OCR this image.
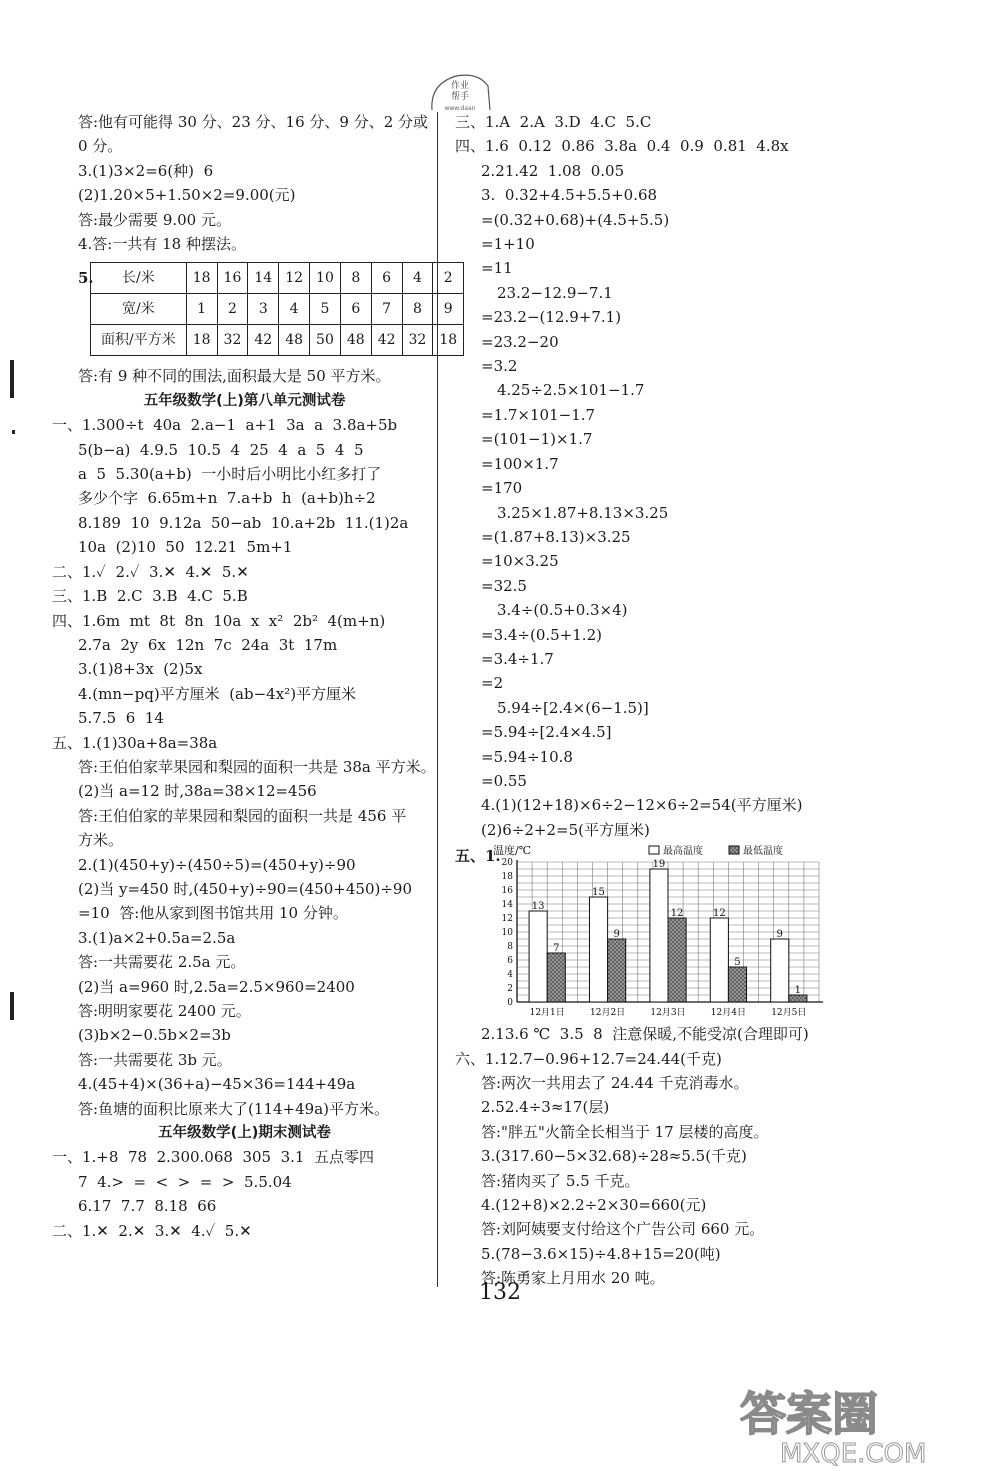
作业
帮手
www.daan
答:他有可能得 30 分、23 分、16 分、9 分、2 分或
0 分。
3.(1)3×2=6(种)  6
(2)1.20×5+1.50×2=9.00(元)
答:最少需要 9.00 元。
4.答:一共有 18 种摆法。
5. 长/米	18	16	14	12	10	8	6	4	2
宽/米	1	2	3	4	5	6	7	8	9
面积/平方米	18	32	42	48	50	48	42	32	18
答:有 9 种不同的围法,面积最大是 50 平方米。
五年级数学(上)第八单元测试卷
一、1.300÷t  40a  2.a−1  a+1  3a  a  3.8a+5b
5(b−a)  4.9.5  10.5  4  25  4  a  5  4  5
a  5  5.30(a+b)  一小时后小明比小红多打了
多少个字  6.65m+n  7.a+b  h  (a+b)h÷2
8.189  10  9.12a  50−ab  10.a+2b  11.(1)2a
10a  (2)10  50  12.21  5m+1
二、1.✓  2.✓  3.✕  4.✕  5.✕
三、1.B  2.C  3.B  4.C  5.B
四、1.6m  mt  8t  8n  10a  x  x²  2b²  4(m+n)
2.7a  2y  6x  12n  7c  24a  3t  17m
3.(1)8+3x  (2)5x
4.(mn−pq)平方厘米  (ab−4x²)平方厘米
5.7.5  6  14
五、1.(1)30a+8a=38a
答:王伯伯家苹果园和梨园的面积一共是 38a 平方米。
(2)当 a=12 时,38a=38×12=456
答:王伯伯家的苹果园和梨园的面积一共是 456 平
方米。
2.(1)(450+y)÷(450÷5)=(450+y)÷90
(2)当 y=450 时,(450+y)÷90=(450+450)÷90
=10  答:他从家到图书馆共用 10 分钟。
3.(1)a×2+0.5a=2.5a
答:一共需要花 2.5a 元。
(2)当 a=960 时,2.5a=2.5×960=2400
答:明明家要花 2400 元。
(3)b×2−0.5b×2=3b
答:一共需要花 3b 元。
4.(45+4)×(36+a)−45×36=144+49a
答:鱼塘的面积比原来大了(114+49a)平方米。
五年级数学(上)期末测试卷
一、1.+8  78  2.300.068  305  3.1  五点零四
7  4.>  =  <  >  =  >  5.5.04
6.17  7.7  8.18  66
二、1.✕  2.✕  3.✕  4.✓  5.✕
三、1.A  2.A  3.D  4.C  5.C
四、1.6  0.12  0.86  3.8a  0.4  0.9  0.81  4.8x
2.21.42  1.08  0.05
3.  0.32+4.5+5.5+0.68
=(0.32+0.68)+(4.5+5.5)
=1+10
=11
23.2−12.9−7.1
=23.2−(12.9+7.1)
=23.2−20
=3.2
4.25÷2.5×101−1.7
=1.7×101−1.7
=(101−1)×1.7
=100×1.7
=170
3.25×1.87+8.13×3.25
=(1.87+8.13)×3.25
=10×3.25
=32.5
3.4÷(0.5+0.3×4)
=3.4÷(0.5+1.2)
=3.4÷1.7
=2
5.94÷[2.4×(6−1.5)]
=5.94÷[2.4×4.5]
=5.94÷10.8
=0.55
4.(1)(12+18)×6÷2−12×6÷2=54(平方厘米)
(2)6÷2+2=5(平方厘米)
五、1.
温度/℃
0
2
4
6
8
10
12
14
16
18
20
13
7
12月1日
15
9
12月2日
19
12
12月3日
12
5
12月4日
9
1
12月5日
最高温度	最低温度
2.13.6 ℃  3.5  8  注意保暖,不能受凉(合理即可)
六、1.12.7−0.96+12.7=24.44(千克)
答:两次一共用去了 24.44 千克消毒水。
2.52.4÷3≈17(层)
答:"胖五"火箭全长相当于 17 层楼的高度。
3.(317.60−5×32.68)÷28≈5.5(千克)
答:猪肉买了 5.5 千克。
4.(12+8)×2.2÷2×30=660(元)
答:刘阿姨要支付给这个广告公司 660 元。
5.(78−3.6×15)÷4.8+15=20(吨)
答:陈勇家上月用水 20 吨。
132
答案圈
MXQE.COM
